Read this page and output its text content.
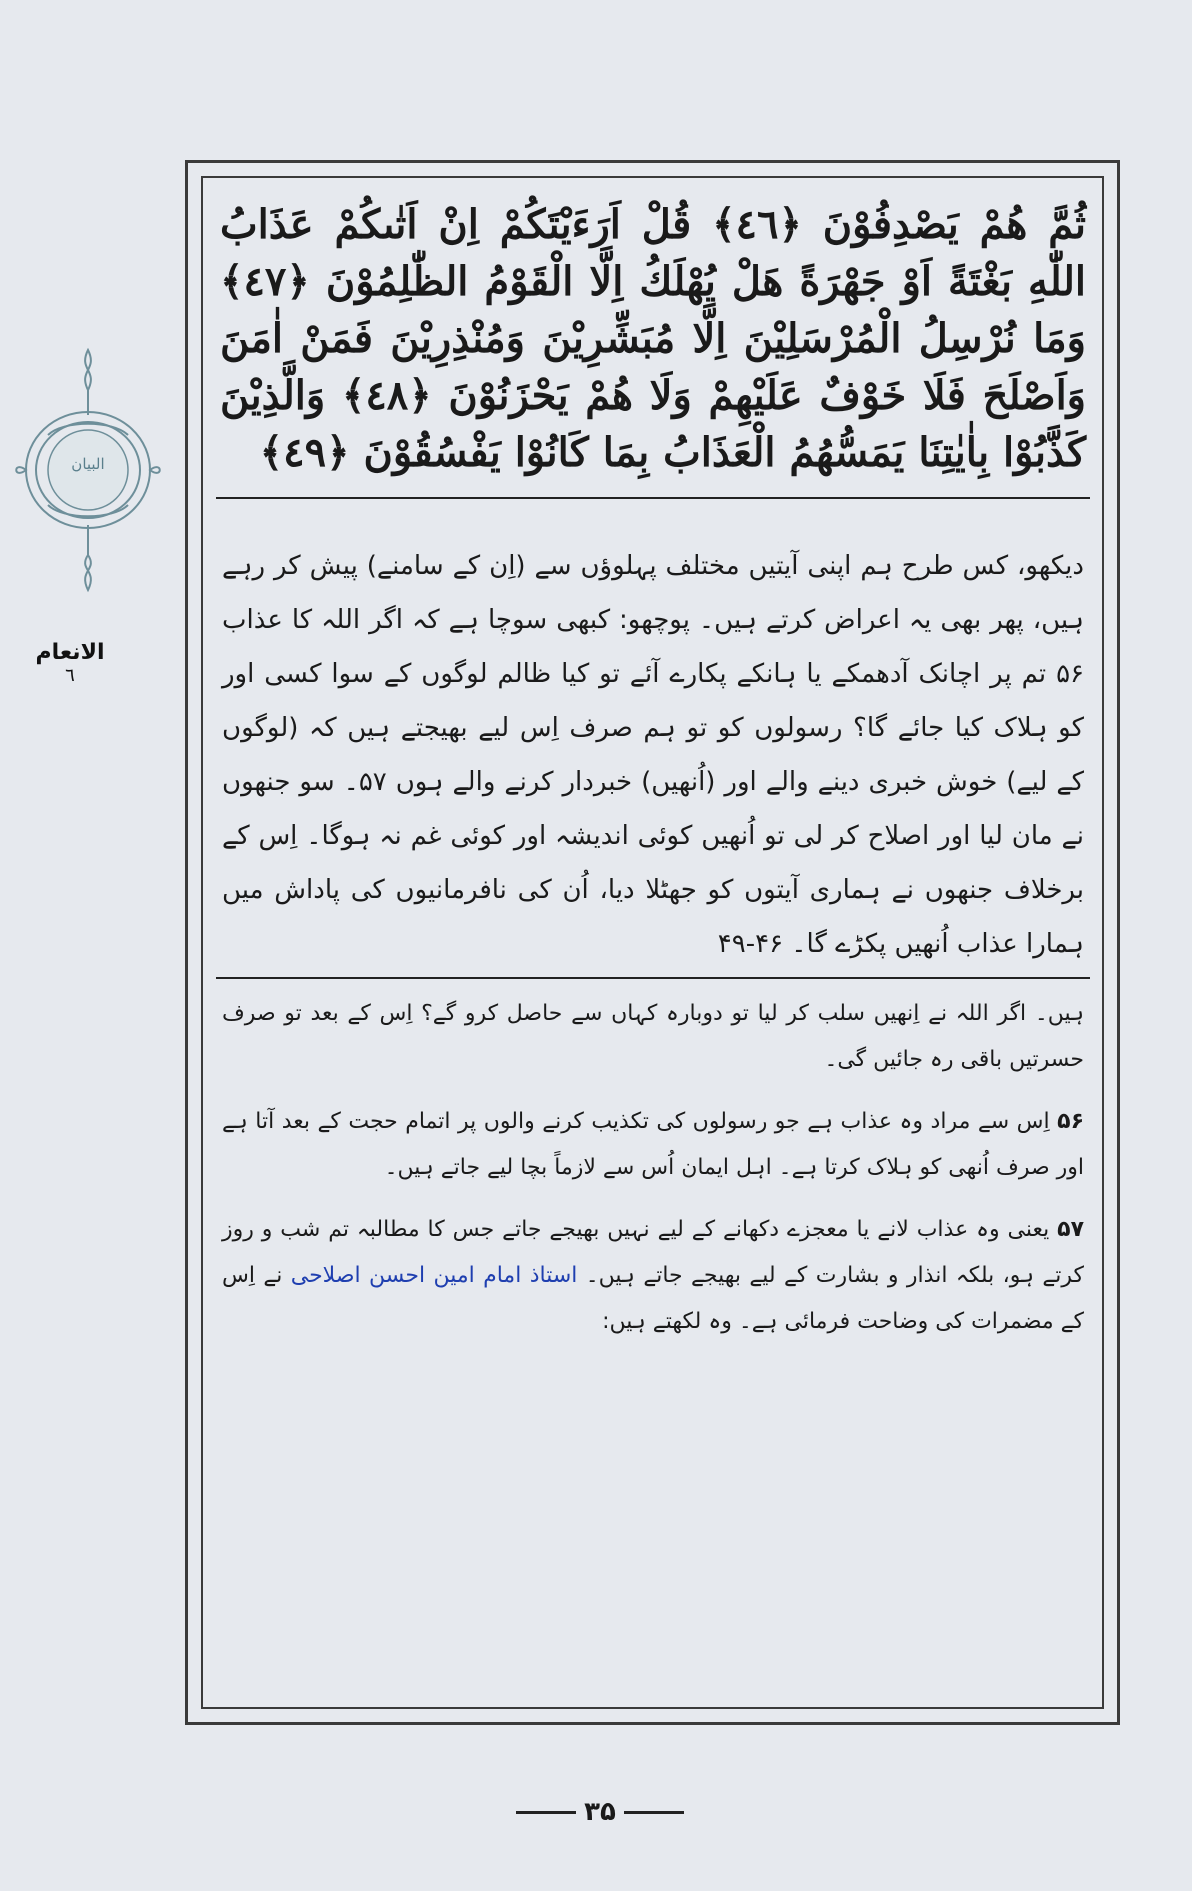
البیان
الانعام
٦
ثُمَّ هُمْ يَصْدِفُوْنَ ﴿٤٦﴾ قُلْ اَرَءَيْتَكُمْ اِنْ اَتٰىكُمْ عَذَابُ اللّٰهِ بَغْتَةً اَوْ جَهْرَةً هَلْ يُهْلَكُ اِلَّا الْقَوْمُ الظّٰلِمُوْنَ ﴿٤٧﴾ وَمَا نُرْسِلُ الْمُرْسَلِيْنَ اِلَّا مُبَشِّرِيْنَ وَمُنْذِرِيْنَ فَمَنْ اٰمَنَ وَاَصْلَحَ فَلَا خَوْفٌ عَلَيْهِمْ وَلَا هُمْ يَحْزَنُوْنَ ﴿٤٨﴾ وَالَّذِيْنَ كَذَّبُوْا بِاٰيٰتِنَا يَمَسُّهُمُ الْعَذَابُ بِمَا كَانُوْا يَفْسُقُوْنَ ﴿٤٩﴾
دیکھو، کس طرح ہم اپنی آیتیں مختلف پہلوؤں سے (اِن کے سامنے) پیش کر رہے ہیں، پھر بھی یہ اعراض کرتے ہیں۔ پوچھو: کبھی سوچا ہے کہ اگر اللہ کا عذاب ۵۶ تم پر اچانک آدھمکے یا ہانکے پکارے آئے تو کیا ظالم لوگوں کے سوا کسی اور کو ہلاک کیا جائے گا؟ رسولوں کو تو ہم صرف اِس لیے بھیجتے ہیں کہ (لوگوں کے لیے) خوش خبری دینے والے اور (اُنھیں) خبردار کرنے والے ہوں ۵۷۔ سو جنھوں نے مان لیا اور اصلاح کر لی تو اُنھیں کوئی اندیشہ اور کوئی غم نہ ہوگا۔ اِس کے برخلاف جنھوں نے ہماری آیتوں کو جھٹلا دیا، اُن کی نافرمانیوں کی پاداش میں ہمارا عذاب اُنھیں پکڑے گا۔ ۴۶-۴۹

ہیں۔ اگر اللہ نے اِنھیں سلب کر لیا تو دوبارہ کہاں سے حاصل کرو گے؟ اِس کے بعد تو صرف حسرتیں باقی رہ جائیں گی۔

۵۶ اِس سے مراد وہ عذاب ہے جو رسولوں کی تکذیب کرنے والوں پر اتمام حجت کے بعد آتا ہے اور صرف اُنھی کو ہلاک کرتا ہے۔ اہل ایمان اُس سے لازماً بچا لیے جاتے ہیں۔

۵۷ یعنی وہ عذاب لانے یا معجزے دکھانے کے لیے نہیں بھیجے جاتے جس کا مطالبہ تم شب و روز کرتے ہو، بلکہ انذار و بشارت کے لیے بھیجے جاتے ہیں۔ استاذ امام امین احسن اصلاحی نے اِس کے مضمرات کی وضاحت فرمائی ہے۔ وہ لکھتے ہیں:

۳۵
